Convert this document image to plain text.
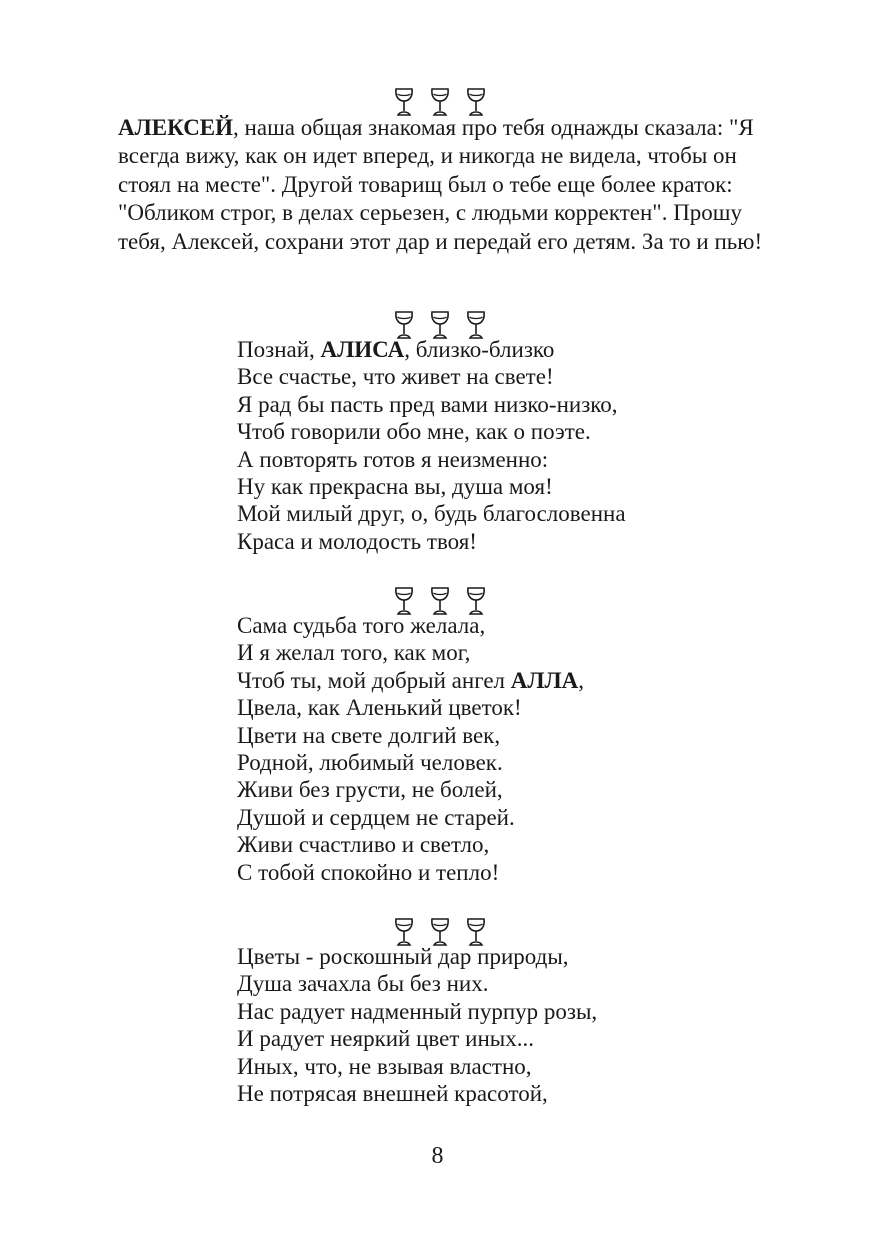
АЛЕКСЕЙ, наша общая знакомая про тебя однажды сказала: "Я всегда вижу, как он идет вперед, и никогда не видела, чтобы он стоял на месте". Другой товарищ был о тебе еще более краток: "Обликом строг, в делах серьезен, с людьми корректен". Прошу тебя, Алексей, сохрани этот дар и передай его детям. За то и пью!

Познай, АЛИСА, близко-близко
Все счастье, что живет на свете!
Я рад бы пасть пред вами низко-низко,
Чтоб говорили обо мне, как о поэте.
А повторять готов я неизменно:
Ну как прекрасна вы, душа моя!
Мой милый друг, о, будь благословенна
Краса и молодость твоя!
Сама судьба того желала,
И я желал того, как мог,
Чтоб ты, мой добрый ангел АЛЛА,
Цвела, как Аленький цветок!
Цвети на свете долгий век,
Родной, любимый человек.
Живи без грусти, не болей,
Душой и сердцем не старей.
Живи счастливо и светло,
С тобой спокойно и тепло!
Цветы - роскошный дар природы,
Душа зачахла бы без них.
Нас радует надменный пурпур розы,
И радует неяркий цвет иных...
Иных, что, не взывая властно,
Не потрясая внешней красотой,
8
